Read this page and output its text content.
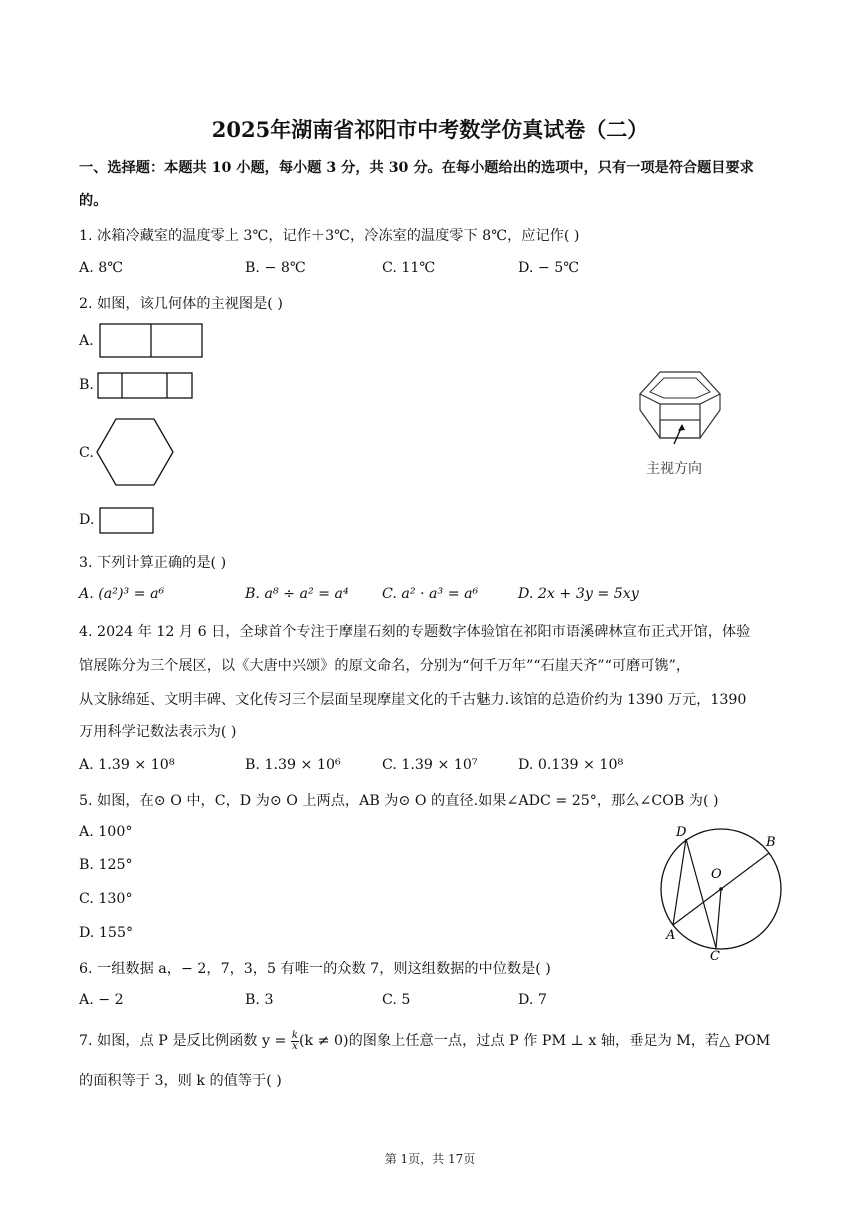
2025年湖南省祁阳市中考数学仿真试卷（二）
一、选择题：本题共 10 小题，每小题 3 分，共 30 分。在每小题给出的选项中，只有一项是符合题目要求
的。
1. 冰箱冷藏室的温度零上 3℃，记作＋3℃，冷冻室的温度零下 8℃，应记作( )
A. 8℃	B. − 8℃	C. 11℃	D. − 5℃
2. 如图，该几何体的主视图是( )
A.
B.
C.
D.
主视方向
3. 下列计算正确的是( )
A. (a²)³ = a⁶	B. a⁸ ÷ a² = a⁴ C. a² · a³ = a⁶	D. 2x + 3y = 5xy
4. 2024 年 12 月 6 日，全球首个专注于摩崖石刻的专题数字体验馆在祁阳市语溪碑林宣布正式开馆，体验
馆展陈分为三个展区，以《大唐中兴颂》的原文命名，分别为“何千万年”“石崖天齐”“可磨可镌”，
从文脉绵延、文明丰碑、文化传习三个层面呈现摩崖文化的千古魅力.该馆的总造价约为 1390 万元，1390
万用科学记数法表示为( )
A. 1.39 × 10⁸	B. 1.39 × 10⁶	C. 1.39 × 10⁷	D. 0.139 × 10⁸
5. 如图，在⊙ O 中，C，D 为⊙ O 上两点，AB 为⊙ O 的直径.如果∠ADC = 25°，那么∠COB 为( )
A. 100°
B. 125°
C. 130°
D. 155°
D
B
O
A
C
6. 一组数据 a，− 2，7，3，5 有唯一的众数 7，则这组数据的中位数是( )
A. − 2	B. 3	C. 5	D. 7
7. 如图，点 P 是反比例函数 $y = \frac{k}{x} (k \ne 0)$的图象上任意一点，过点 P 作 PM ⊥ x 轴，垂足为 M，若△ POM
的面积等于 3，则 k 的值等于( )
第 1页，共 17页
